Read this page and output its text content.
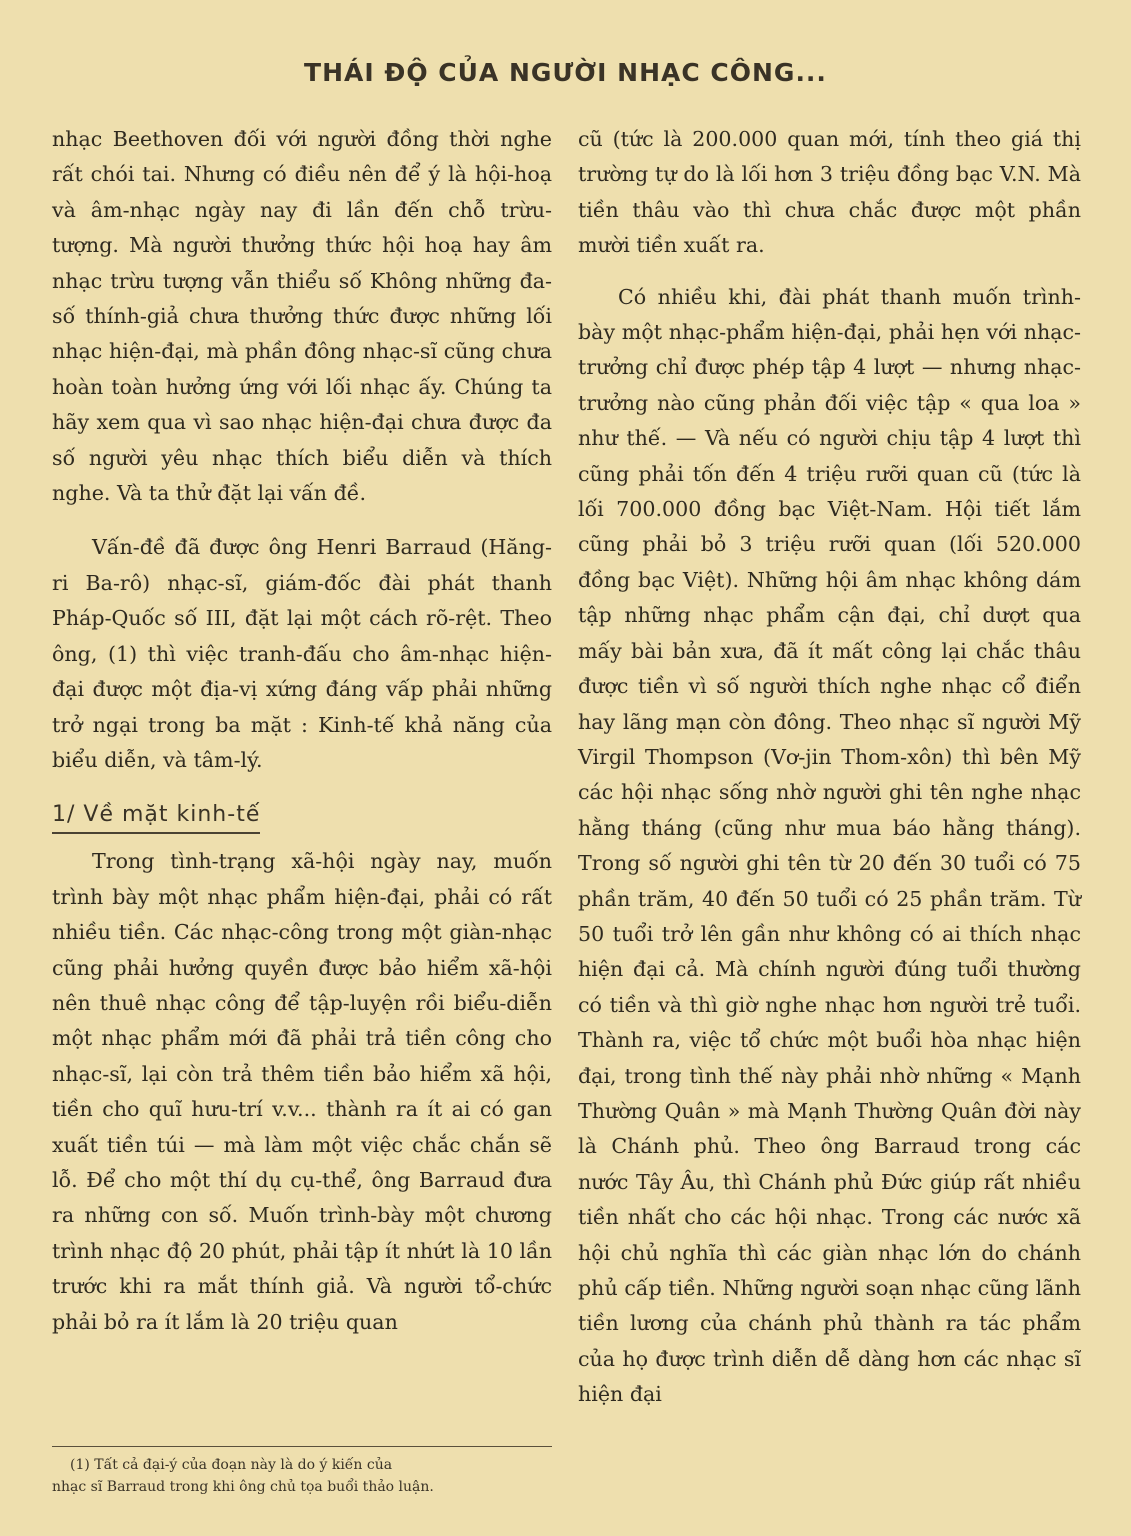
THÁI ĐỘ CỦA NGƯỜI NHẠC CÔNG...

nhạc Beethoven đối với người đồng thời nghe rất chói tai. Nhưng có điều nên để ý là hội-hoạ và âm-nhạc ngày nay đi lần đến chỗ trừu-tượng. Mà người thưởng thức hội hoạ hay âm nhạc trừu tượng vẫn thiểu số Không những đa-số thính-giả chưa thưởng thức được những lối nhạc hiện-đại, mà phần đông nhạc-sĩ cũng chưa hoàn toàn hưởng ứng với lối nhạc ấy. Chúng ta hãy xem qua vì sao nhạc hiện-đại chưa được đa số người yêu nhạc thích biểu diễn và thích nghe. Và ta thử đặt lại vấn đề.

Vấn-đề đã được ông Henri Barraud (Hăng-ri Ba-rô) nhạc-sĩ, giám-đốc đài phát thanh Pháp-Quốc số III, đặt lại một cách rõ-rệt. Theo ông, (1) thì việc tranh-đấu cho âm-nhạc hiện-đại được một địa-vị xứng đáng vấp phải những trở ngại trong ba mặt : Kinh-tế khả năng của biểu diễn, và tâm-lý.

1/ Về mặt kinh-tế

Trong tình-trạng xã-hội ngày nay, muốn trình bày một nhạc phẩm hiện-đại, phải có rất nhiều tiền. Các nhạc-công trong một giàn-nhạc cũng phải hưởng quyền được bảo hiểm xã-hội nên thuê nhạc công để tập-luyện rồi biểu-diễn một nhạc phẩm mới đã phải trả tiền công cho nhạc-sĩ, lại còn trả thêm tiền bảo hiểm xã hội, tiền cho quĩ hưu-trí v.v... thành ra ít ai có gan xuất tiền túi — mà làm một việc chắc chắn sẽ lỗ. Để cho một thí dụ cụ-thể, ông Barraud đưa ra những con số. Muốn trình-bày một chương trình nhạc độ 20 phút, phải tập ít nhứt là 10 lần trước khi ra mắt thính giả. Và người tổ-chức phải bỏ ra ít lắm là 20 triệu quan

cũ (tức là 200.000 quan mới, tính theo giá thị trường tự do là lối hơn 3 triệu đồng bạc V.N. Mà tiền thâu vào thì chưa chắc được một phần mười tiền xuất ra.

Có nhiều khi, đài phát thanh muốn trình-bày một nhạc-phẩm hiện-đại, phải hẹn với nhạc-trưởng chỉ được phép tập 4 lượt — nhưng nhạc-trưởng nào cũng phản đối việc tập « qua loa » như thế. — Và nếu có người chịu tập 4 lượt thì cũng phải tốn đến 4 triệu rưỡi quan cũ (tức là lối 700.000 đồng bạc Việt-Nam. Hội tiết lắm cũng phải bỏ 3 triệu rưỡi quan (lối 520.000 đồng bạc Việt). Những hội âm nhạc không dám tập những nhạc phẩm cận đại, chỉ dượt qua mấy bài bản xưa, đã ít mất công lại chắc thâu được tiền vì số người thích nghe nhạc cổ điển hay lãng mạn còn đông. Theo nhạc sĩ người Mỹ Virgil Thompson (Vơ-jin Thom-xôn) thì bên Mỹ các hội nhạc sống nhờ người ghi tên nghe nhạc hằng tháng (cũng như mua báo hằng tháng). Trong số người ghi tên từ 20 đến 30 tuổi có 75 phần trăm, 40 đến 50 tuổi có 25 phần trăm. Từ 50 tuổi trở lên gần như không có ai thích nhạc hiện đại cả. Mà chính người đúng tuổi thường có tiền và thì giờ nghe nhạc hơn người trẻ tuổi. Thành ra, việc tổ chức một buổi hòa nhạc hiện đại, trong tình thế này phải nhờ những « Mạnh Thường Quân » mà Mạnh Thường Quân đời này là Chánh phủ. Theo ông Barraud trong các nước Tây Âu, thì Chánh phủ Đức giúp rất nhiều tiền nhất cho các hội nhạc. Trong các nước xã hội chủ nghĩa thì các giàn nhạc lớn do chánh phủ cấp tiền. Những người soạn nhạc cũng lãnh tiền lương của chánh phủ thành ra tác phẩm của họ được trình diễn dễ dàng hơn các nhạc sĩ hiện đại

(1) Tất cả đại-ý của đoạn này là do ý kiến của
nhạc sĩ Barraud trong khi ông chủ tọa buổi thảo luận.
